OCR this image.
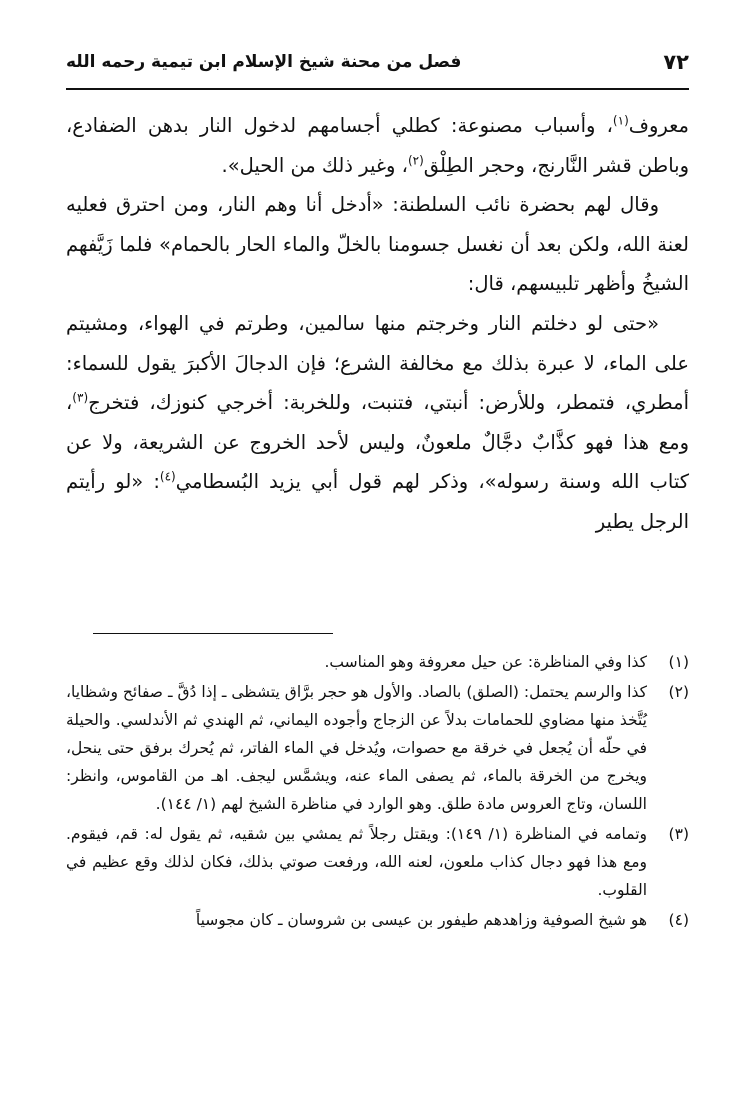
٧٢
فصل من محنة شيخ الإسلام ابن تيمية رحمه الله

معروف$^{(١)}$، وأسباب مصنوعة: كطلي أجسامهم لدخول النار بدهن الضفادع، وباطن قشر النَّارنج، وحجر الطِلْق$^{(٢)}$، وغير ذلك من الحيل».

وقال لهم بحضرة نائب السلطنة: «أدخل أنا وهم النار، ومن احترق فعليه لعنة الله، ولكن بعد أن نغسل جسومنا بالخلّ والماء الحار بالحمام» فلما زَيَّفهم الشيخُ وأظهر تلبيسهم، قال:

«حتى لو دخلتم النار وخرجتم منها سالمين، وطرتم في الهواء، ومشيتم على الماء، لا عبرة بذلك مع مخالفة الشرع؛ فإن الدجالَ الأكبرَ يقول للسماء: أمطري، فتمطر، وللأرض: أنبتي، فتنبت، وللخربة: أخرجي كنوزك، فتخرج$^{(٣)}$، ومع هذا فهو كذَّابٌ دجَّالٌ ملعونٌ، وليس لأحد الخروج عن الشريعة، ولا عن كتاب الله وسنة رسوله»، وذكر لهم قول أبي يزيد البُسطامي$^{(٤)}$: «لو رأيتم الرجل يطير

(١)
كذا وفي المناظرة: عن حيل معروفة وهو المناسب.
(٢)
كذا والرسم يحتمل: (الصلق) بالصاد. والأول هو حجر برَّاق يتشظى ـ إذا دُقَّ ـ صفائح وشظايا، يُتَّخذ منها مضاوي للحمامات بدلاً عن الزجاج وأجوده اليماني، ثم الهندي ثم الأندلسي. والحيلة في حلّه أن يُجعل في خرقة مع حصوات، ويُدخل في الماء الفاتر، ثم يُحرك برفق حتى ينحل، ويخرج من الخرقة بالماء، ثم يصفى الماء عنه، ويشمَّس ليجف. اهـ من القاموس، وانظر: اللسان، وتاج العروس مادة طلق. وهو الوارد في مناظرة الشيخ لهم (١/ ١٤٤).
(٣)
وتمامه في المناظرة (١/ ١٤٩): ويقتل رجلاً ثم يمشي بين شقيه، ثم يقول له: قم، فيقوم. ومع هذا فهو دجال كذاب ملعون، لعنه الله، ورفعت صوتي بذلك، فكان لذلك وقع عظيم في القلوب.
(٤)
هو شيخ الصوفية وزاهدهم طيفور بن عيسى بن شروسان ـ كان مجوسياً
